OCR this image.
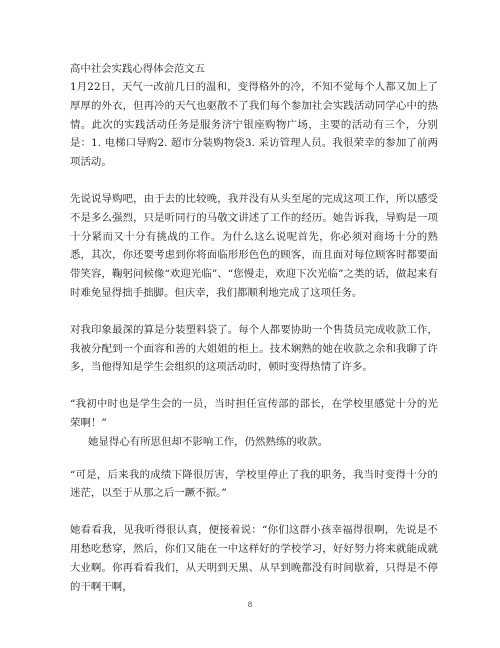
高中社会实践心得体会范文五

1月22日，天气一改前几日的温和，变得格外的冷，不知不觉每个人都又加上了厚厚的外衣，但再冷的天气也驱散不了我们每个参加社会实践活动同学心中的热情。此次的实践活动任务是服务济宁银座购物广场，主要的活动有三个，分别是：1. 电梯口导购2. 超市分装购物袋3. 采访管理人员。我很荣幸的参加了前两项活动。

先说说导购吧，由于去的比较晚，我并没有从头至尾的完成这项工作，所以感受不是多么强烈，只是听同行的马敬文讲述了工作的经历。她告诉我，导购是一项十分紧而又十分有挑战的工作。为什么这么说呢首先，你必须对商场十分的熟悉，其次，你还要考虑到你将面临形形色色的顾客，而且面对每位顾客时都要面带笑容，鞠躬问候像“欢迎光临”、“您慢走，欢迎下次光临”之类的话，做起来有时难免显得拙手拙脚。但庆幸，我们都顺利地完成了这项任务。

对我印象最深的算是分装塑料袋了。每个人都要协助一个售货员完成收款工作，我被分配到一个面容和善的大姐姐的柜上。技术娴熟的她在收款之余和我聊了许多，当他得知是学生会组织的这项活动时，顿时变得热情了许多。

“我初中时也是学生会的一员，当时担任宣传部的部长，在学校里感觉十分的光荣啊！”

她显得心有所思但却不影响工作，仍然熟练的收款。

“可是，后来我的成绩下降很厉害，学校里停止了我的职务，我当时变得十分的迷茫，以至于从那之后一蹶不振。”

她看看我，见我听得很认真，便接着说：“你们这群小孩幸福得很啊，先说是不用愁吃愁穿，然后，你们又能在一中这样好的学校学习，好好努力将来就能成就大业啊。你再看看我们，从天明到天黑、从早到晚都没有时间歇着，只得是不停的干啊干啊，

8
